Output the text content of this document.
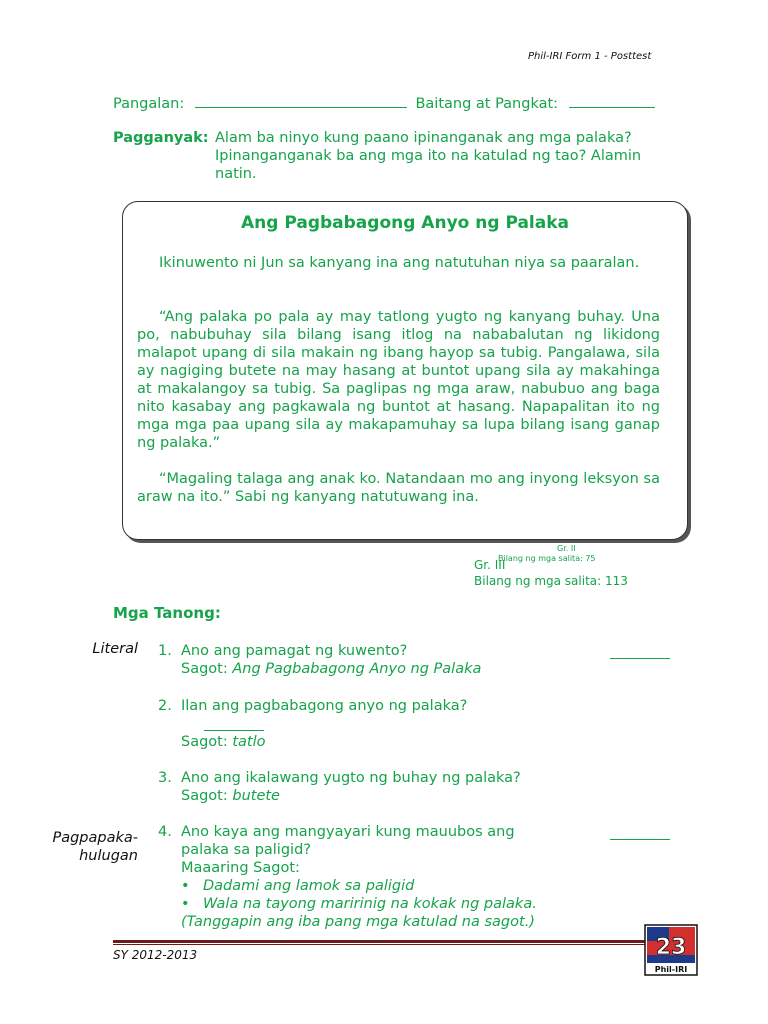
Phil-IRI Form 1 - Posttest
Pangalan:	Baitang at Pangkat:
Pagganyak: Alam ba ninyo kung paano ipinanganak ang mga palaka? Ipinanganganak ba ang mga ito na katulad ng tao? Alamin natin.
Ang Pagbabagong Anyo ng Palaka
Ikinuwento ni Jun sa kanyang ina ang natutuhan niya sa paaralan.
“Ang palaka po pala ay may tatlong yugto ng kanyang buhay. Una po, nabubuhay sila bilang isang itlog na nababalutan ng likidong malapot upang di sila makain ng ibang hayop sa tubig. Pangalawa, sila ay nagiging butete na may hasang at buntot upang sila ay makahinga at makalangoy sa tubig. Sa paglipas ng mga araw, nabubuo ang baga nito kasabay ang pagkawala ng buntot at hasang. Napapalitan ito ng mga mga paa upang sila ay makapamuhay sa lupa bilang isang ganap ng palaka.”
“Magaling talaga ang anak ko. Natandaan mo ang inyong leksyon sa araw na ito.” Sabi ng kanyang natutuwang ina.
Gr. II
Bilang ng mga salita: 75
Gr. III
Bilang ng mga salita: 113
Mga Tanong:
Literal
Pagpapaka-
hulugan
1. Ano ang pamagat ng kuwento?
Sagot: Ang Pagbabagong Anyo ng Palaka
2. Ilan ang pagbabagong anyo ng palaka?
Sagot: tatlo
3. Ano ang ikalawang yugto ng buhay ng palaka?
Sagot: butete
4. Ano kaya ang mangyayari kung mauubos ang
palaka sa paligid?
Maaaring Sagot:
• Dadami ang lamok sa paligid
• Wala na tayong maririnig na kokak ng palaka.
(Tanggapin ang iba pang mga katulad na sagot.)
SY 2012-2013	23
Phil-IRI
